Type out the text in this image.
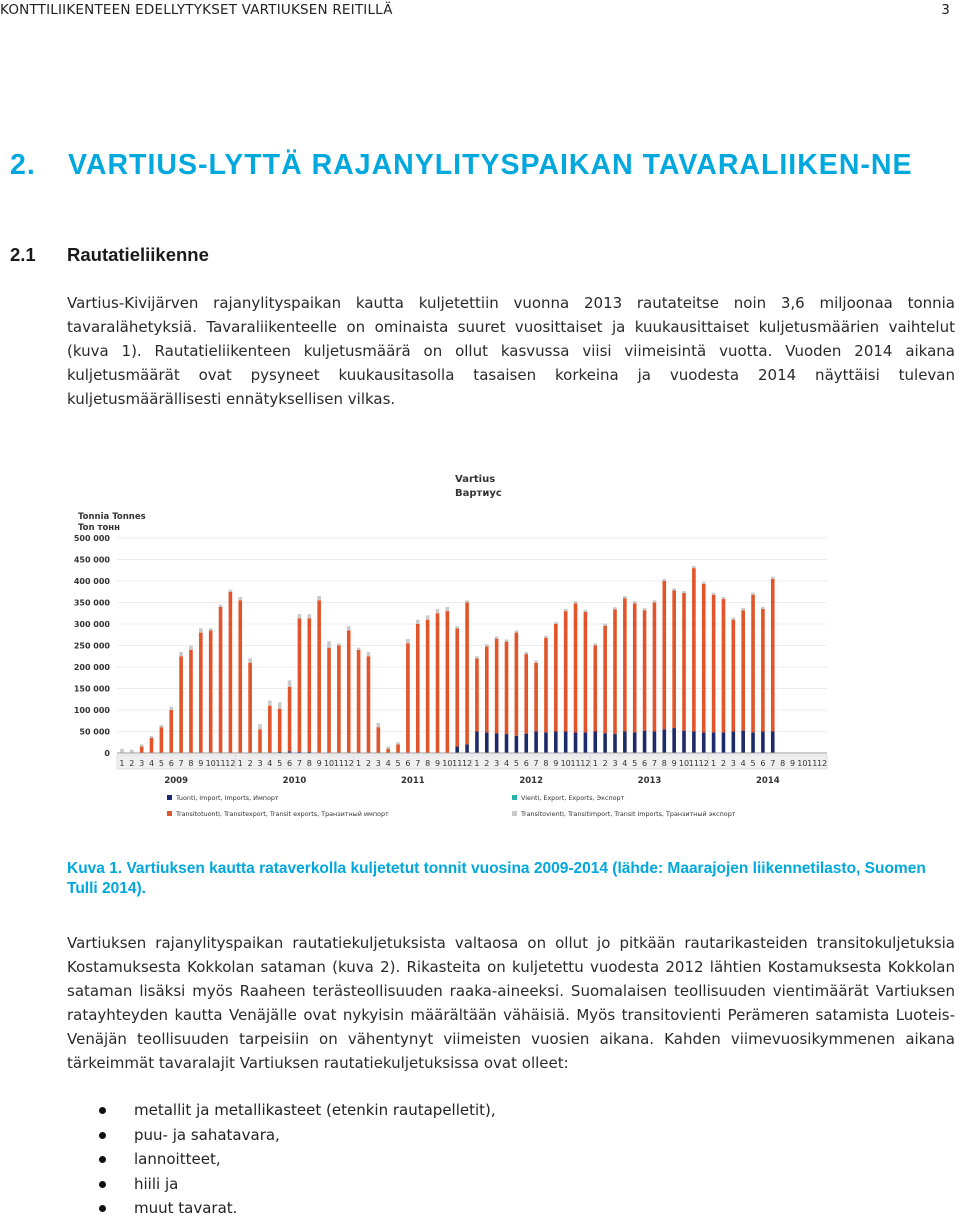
KONTTILIIKENTEEN EDELLYTYKSET VARTIUKSEN REITILLÄ	3
2. VARTIUS-LYTTÄ RAJANYLITYSPAIKAN TAVARALIIKEN-NE
2.1 Rautatieliikenne

Vartius-Kivijärven rajanylityspaikan kautta kuljetettiin vuonna 2013 rautateitse noin 3,6 miljoonaa tonnia tavaralähetyksiä. Tavaraliikenteelle on ominaista suuret vuosittaiset ja kuukausittaiset kuljetusmäärien vaihtelut (kuva 1). Rautatieliikenteen kuljetusmäärä on ollut kasvussa viisi viimeisintä vuotta. Vuoden 2014 aikana kuljetusmäärät ovat pysyneet kuukausitasolla tasaisen korkeina ja vuodesta 2014 näyttäisi tulevan kuljetusmäärällisesti ennätyksellisen vilkas.

500 000
450 000
400 000
350 000
300 000
250 000
200 000
150 000
100 000
50 000
0
1 2 3 4 5 6 7 8 9 10 11 12 1 2 3 4 5 6 7 8 9 10 11 12 1 2 3 4 5 6 7 8 9 10 11 12 1 2 3 4 5 6 7 8 9 10 11 12 1 2 3 4 5 6 7 8 9 10 11 12 1 2 3 4 5 6 7 8 9 10 11 12
2009	2010	2011	2012	2013	2014
Tuonti, Import, Imports, Импорт
Transitotuonti, Transitexport, Transit exports, Транзитный импорт
Vienti, Export, Exports, Экспорт
Transitovienti, Transitimport, Transit imports, Транзитный экспорт
Vartius
Вартиус
Tonnia Tonnes
Ton тонн

Kuva 1. Vartiuksen kautta rataverkolla kuljetetut tonnit vuosina 2009-2014 (lähde: Maarajojen liikennetilasto, Suomen Tulli 2014).

Vartiuksen rajanylityspaikan rautatiekuljetuksista valtaosa on ollut jo pitkään rautarikasteiden transitokuljetuksia Kostamuksesta Kokkolan sataman (kuva 2). Rikasteita on kuljetettu vuodesta 2012 lähtien Kostamuksesta Kokkolan sataman lisäksi myös Raaheen terästeollisuuden raaka-aineeksi. Suomalaisen teollisuuden vientimäärät Vartiuksen ratayhteyden kautta Venäjälle ovat nykyisin määrältään vähäisiä. Myös transitovienti Perämeren satamista Luoteis-Venäjän teollisuuden tarpeisiin on vähentynyt viimeisten vuosien aikana. Kahden viimevuosikymmenen aikana tärkeimmät tavaralajit Vartiuksen rautatiekuljetuksissa ovat olleet:

metallit ja metallikasteet (etenkin rautapelletit),
puu- ja sahatavara,
lannoitteet,
hiili ja
muut tavarat.
